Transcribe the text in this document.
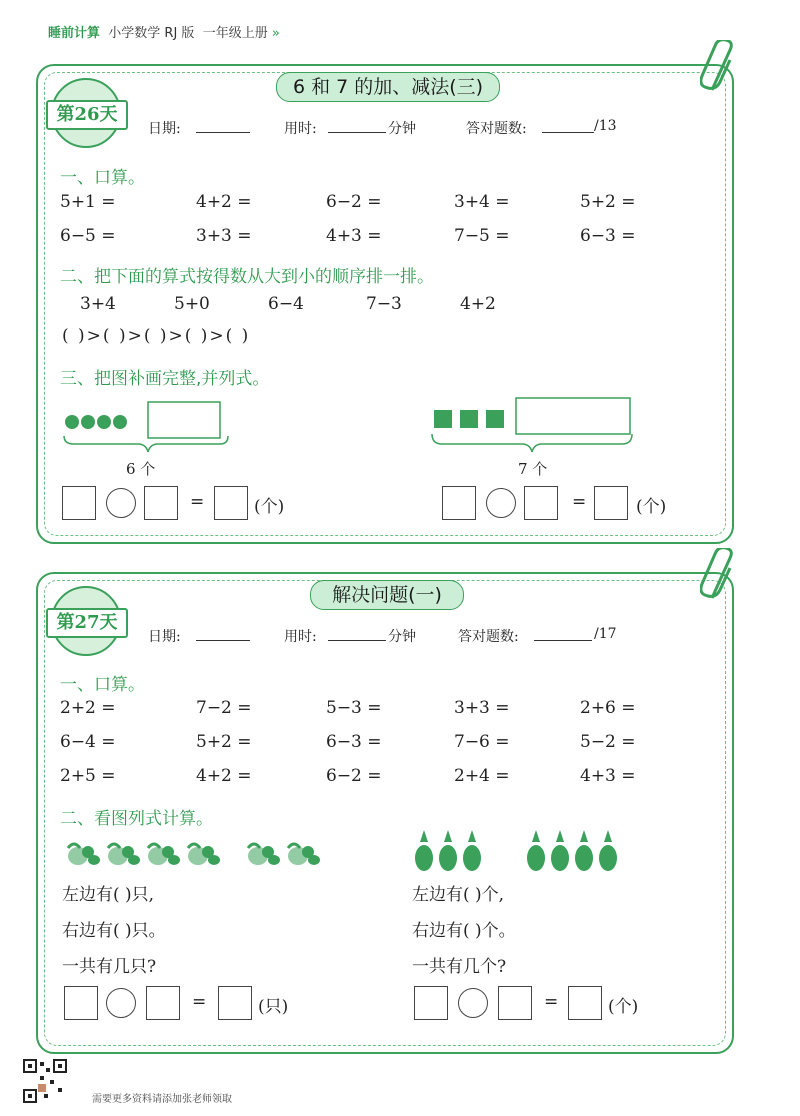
睡前计算 小学数学 RJ 版 一年级上册 »
6 和 7 的加、减法(三)
第26天
日期:	用时:	分钟	答对题数:	/13
一、口算。
5+1 =	4+2 =	6−2 =	3+4 =	5+2 =
6−5 =	3+3 =	4+3 =	7−5 =	6−3 =
二、把下面的算式按得数从大到小的顺序排一排。
3+4	5+0	6−4	7−3	4+2
( )>( )>( )>( )>( )
三、把图补画完整,并列式。
6 个	7 个
=	(个)	=	(个)
解决问题(一)
第27天
日期:	用时:	分钟	答对题数:	/17
一、口算。
2+2 =	7−2 =	5−3 =	3+3 =	2+6 =
6−4 =	5+2 =	6−3 =	7−6 =	5−2 =
2+5 =	4+2 =	6−2 =	2+4 =	4+3 =
二、看图列式计算。
左边有( )只,
右边有( )只。
一共有几只?
左边有( )个,
右边有( )个。
一共有几个?
=	(只)	=	(个)
需要更多资料请添加张老师领取
